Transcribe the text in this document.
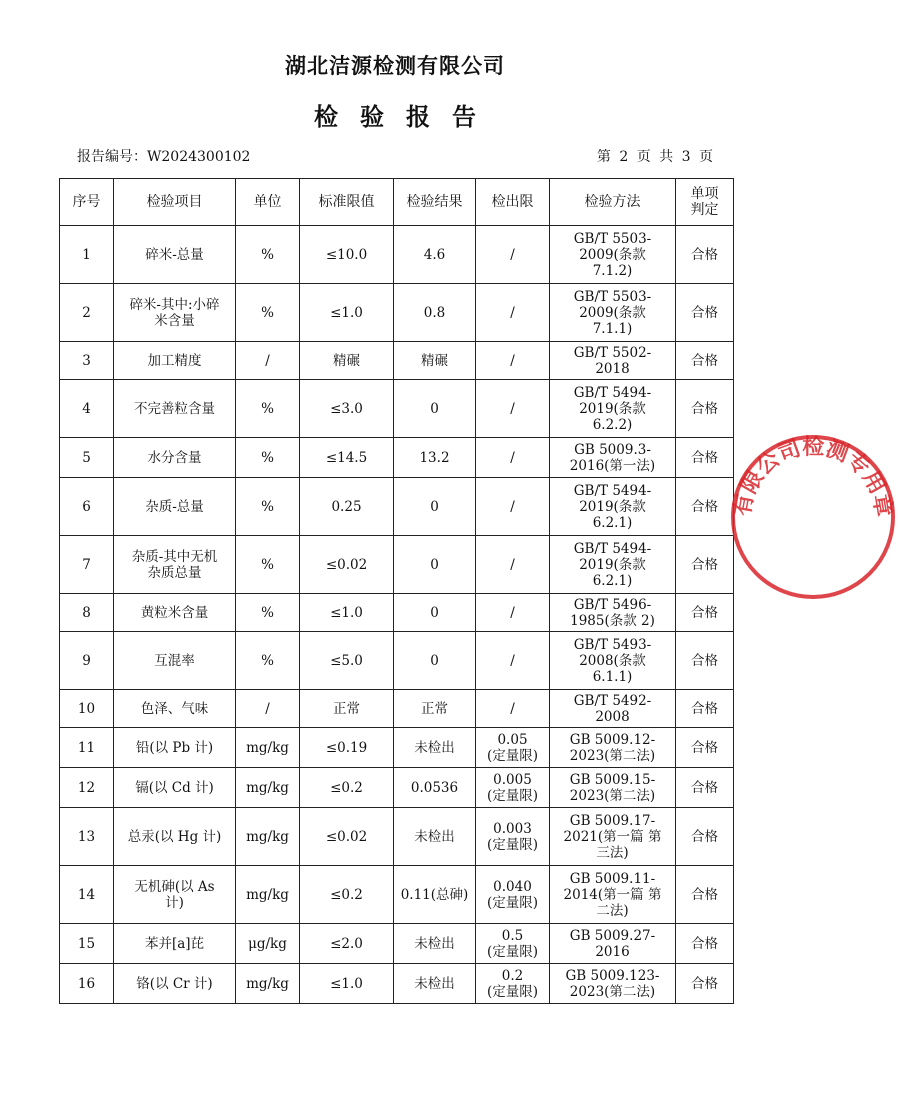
湖北洁源检测有限公司
检验报告
报告编号：W2024300102	第 2 页 共 3 页
序号	检验项目	单位	标准限值	检验结果	检出限	检验方法	单项
判定
1	碎米-总量	%	≤10.0	4.6	/	GB/T 5503-
2009(条款
7.1.2)	合格
2	碎米-其中:小碎
米含量	%	≤1.0	0.8	/	GB/T 5503-
2009(条款
7.1.1)	合格
3	加工精度	/	精碾	精碾	/	GB/T 5502-
2018	合格
4	不完善粒含量	%	≤3.0	0	/	GB/T 5494-
2019(条款
6.2.2)	合格
5	水分含量	%	≤14.5	13.2	/	GB 5009.3-
2016(第一法)	合格
6	杂质-总量	%	0.25	0	/	GB/T 5494-
2019(条款
6.2.1)	合格
7	杂质-其中无机
杂质总量	%	≤0.02	0	/	GB/T 5494-
2019(条款
6.2.1)	合格
8	黄粒米含量	%	≤1.0	0	/	GB/T 5496-
1985(条款 2)	合格
9	互混率	%	≤5.0	0	/	GB/T 5493-
2008(条款
6.1.1)	合格
10	色泽、气味	/	正常	正常	/	GB/T 5492-
2008	合格
11	铅(以 Pb 计)	mg/kg	≤0.19	未检出	0.05
(定量限)	GB 5009.12-
2023(第二法)	合格
12	镉(以 Cd 计)	mg/kg	≤0.2	0.0536	0.005
(定量限)	GB 5009.15-
2023(第二法)	合格
13	总汞(以 Hg 计)	mg/kg	≤0.02	未检出	0.003
(定量限)	GB 5009.17-
2021(第一篇 第
三法)	合格
14	无机砷(以 As
计)	mg/kg	≤0.2	0.11(总砷)	0.040
(定量限)	GB 5009.11-
2014(第一篇 第
二法)	合格
15	苯并[a]芘	μg/kg	≤2.0	未检出	0.5
(定量限)	GB 5009.27-
2016	合格
16	铬(以 Cr 计)	mg/kg	≤1.0	未检出	0.2
(定量限)	GB 5009.123-
2023(第二法)	合格
有限公司检测专用章
